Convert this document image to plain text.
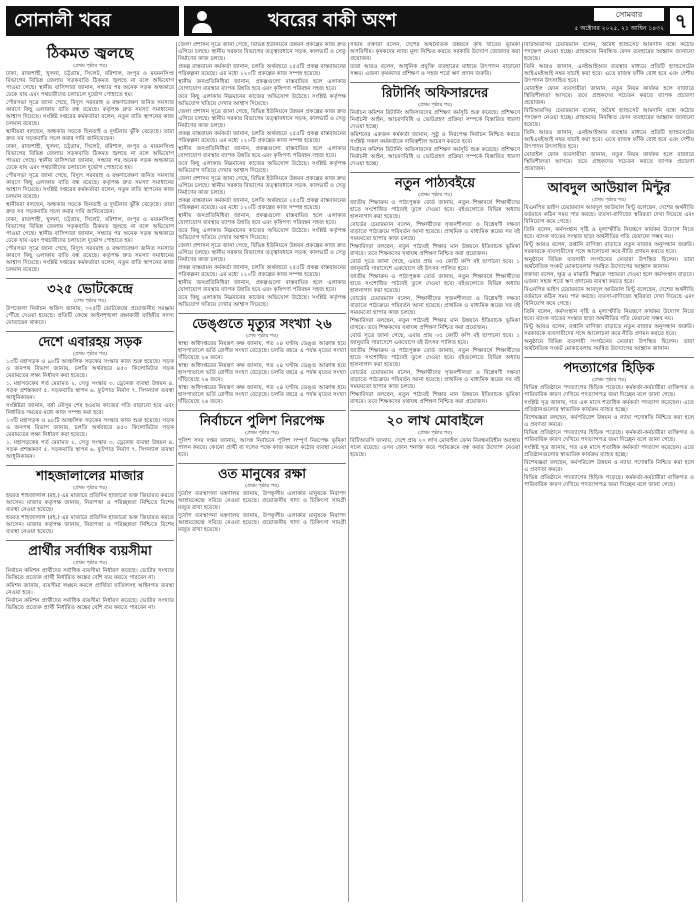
সোনালী খবর	খবরের বাকী অংশ	সোমবার
৫ অক্টোবর ২০২৫, ২১ আশ্বিন ১৪৩২ ৭
ঠিকমত জ্বলছে
(প্রথম পৃষ্ঠার পর)

ঢাকা, রাজশাহী, খুলনা, চট্টগ্রাম, সিলেট, বরিশাল, রংপুর ও ময়মনসিংহ বিভাগের বিভিন্ন জেলায় সড়কবাতি ঠিকমত জ্বলছে না বলে অভিযোগ পাওয়া গেছে। স্থানীয় বাসিন্দারা জানান, সন্ধ্যার পর অনেক সড়ক অন্ধকারে ঢেকে যায় এবং পথচারীদের চলাচলে দুর্ভোগ পোহাতে হয়।

পৌরসভা সূত্রে জানা গেছে, বিদ্যুৎ সরবরাহ ও রক্ষণাবেক্ষণ জনিত সমস্যার কারণে কিছু এলাকায় বাতি বন্ধ রয়েছে। কর্তৃপক্ষ দ্রুত সমস্যা সমাধানের আশ্বাস দিয়েছে। সংশ্লিষ্ট দপ্তরের কর্মকর্তারা বলেন, নতুন বাতি স্থাপনের কাজ চলমান রয়েছে।

স্থানীয়রা বলছেন, অন্ধকার সড়কে ছিনতাই ও দুর্ঘটনার ঝুঁকি বেড়েছে। তারা দ্রুত সব সড়কবাতি সচল করার দাবি জানিয়েছেন।

ঢাকা, রাজশাহী, খুলনা, চট্টগ্রাম, সিলেট, বরিশাল, রংপুর ও ময়মনসিংহ বিভাগের বিভিন্ন জেলায় সড়কবাতি ঠিকমত জ্বলছে না বলে অভিযোগ পাওয়া গেছে। স্থানীয় বাসিন্দারা জানান, সন্ধ্যার পর অনেক সড়ক অন্ধকারে ঢেকে যায় এবং পথচারীদের চলাচলে দুর্ভোগ পোহাতে হয়।

পৌরসভা সূত্রে জানা গেছে, বিদ্যুৎ সরবরাহ ও রক্ষণাবেক্ষণ জনিত সমস্যার কারণে কিছু এলাকায় বাতি বন্ধ রয়েছে। কর্তৃপক্ষ দ্রুত সমস্যা সমাধানের আশ্বাস দিয়েছে। সংশ্লিষ্ট দপ্তরের কর্মকর্তারা বলেন, নতুন বাতি স্থাপনের কাজ চলমান রয়েছে।

স্থানীয়রা বলছেন, অন্ধকার সড়কে ছিনতাই ও দুর্ঘটনার ঝুঁকি বেড়েছে। তারা দ্রুত সব সড়কবাতি সচল করার দাবি জানিয়েছেন।

ঢাকা, রাজশাহী, খুলনা, চট্টগ্রাম, সিলেট, বরিশাল, রংপুর ও ময়মনসিংহ বিভাগের বিভিন্ন জেলায় সড়কবাতি ঠিকমত জ্বলছে না বলে অভিযোগ পাওয়া গেছে। স্থানীয় বাসিন্দারা জানান, সন্ধ্যার পর অনেক সড়ক অন্ধকারে ঢেকে যায় এবং পথচারীদের চলাচলে দুর্ভোগ পোহাতে হয়।

পৌরসভা সূত্রে জানা গেছে, বিদ্যুৎ সরবরাহ ও রক্ষণাবেক্ষণ জনিত সমস্যার কারণে কিছু এলাকায় বাতি বন্ধ রয়েছে। কর্তৃপক্ষ দ্রুত সমস্যা সমাধানের আশ্বাস দিয়েছে। সংশ্লিষ্ট দপ্তরের কর্মকর্তারা বলেন, নতুন বাতি স্থাপনের কাজ চলমান রয়েছে।

৩২৫ ভোটকেন্দ্রে
(শেষ পৃষ্ঠার পর)

উপজেলা নির্বাচন অফিস জানায়, ৩২৫টি ভোটকেন্দ্রে প্রয়োজনীয় সরঞ্জাম পৌঁছে দেওয়া হয়েছে। প্রতিটি কেন্দ্রে আইনশৃঙ্খলা রক্ষাকারী বাহিনীর সদস্য মোতায়েন থাকবে।

দেশে এবারহয় সড়ক
(প্রথম পৃষ্ঠার পর)

১৩টি মহাসড়ক ও ৯৮টি আঞ্চলিক সড়কের সংস্কার কাজ শুরু হয়েছে। সড়ক ও জনপথ বিভাগ জানায়, চলতি অর্থবছরে ৪৫০ কিলোমিটার সড়ক মেরামতের লক্ষ্য নির্ধারণ করা হয়েছে।

১. মহাসড়কের গর্ত মেরামত ২. সেতু সংস্কার ৩. ড্রেনেজ ব্যবস্থা উন্নয়ন ৪. সড়ক প্রশস্তকরণ ৫. সড়কবাতি স্থাপন ৬. ফুটপাত নির্মাণ ৭. সিগন্যাল ব্যবস্থা আধুনিকায়ন।

সংশ্লিষ্টরা জানান, বর্ষা মৌসুম শেষ হওয়ায় কাজের গতি বাড়ানো হবে এবং নির্ধারিত সময়ের মধ্যে কাজ সম্পন্ন করা হবে।

১৩টি মহাসড়ক ও ৯৮টি আঞ্চলিক সড়কের সংস্কার কাজ শুরু হয়েছে। সড়ক ও জনপথ বিভাগ জানায়, চলতি অর্থবছরে ৪৫০ কিলোমিটার সড়ক মেরামতের লক্ষ্য নির্ধারণ করা হয়েছে।

১. মহাসড়কের গর্ত মেরামত ২. সেতু সংস্কার ৩. ড্রেনেজ ব্যবস্থা উন্নয়ন ৪. সড়ক প্রশস্তকরণ ৫. সড়কবাতি স্থাপন ৬. ফুটপাত নির্মাণ ৭. সিগন্যাল ব্যবস্থা আধুনিকায়ন।

শাহজালালের মাজার
(প্রথম পৃষ্ঠার পর)

হযরত শাহজালাল (রহ.) এর মাজারে প্রতিদিন হাজারো ভক্ত জিয়ারত করতে আসেন। মাজার কর্তৃপক্ষ জানায়, নিরাপত্তা ও পরিচ্ছন্নতা নিশ্চিতে বিশেষ ব্যবস্থা নেওয়া হয়েছে।

হযরত শাহজালাল (রহ.) এর মাজারে প্রতিদিন হাজারো ভক্ত জিয়ারত করতে আসেন। মাজার কর্তৃপক্ষ জানায়, নিরাপত্তা ও পরিচ্ছন্নতা নিশ্চিতে বিশেষ ব্যবস্থা নেওয়া হয়েছে।

প্রার্থীর সর্বাধিক ব্যয়সীমা
(প্রথম পৃষ্ঠার পর)

নির্বাচন কমিশন প্রার্থীদের সর্বাধিক ব্যয়সীমা নির্ধারণ করেছে। ভোটার সংখ্যার ভিত্তিতে প্রত্যেক প্রার্থী নির্ধারিত অঙ্কের বেশি ব্যয় করতে পারবেন না।

কমিশন জানায়, ব্যয়সীমা লঙ্ঘন করলে প্রার্থিতা বাতিলসহ আইনগত ব্যবস্থা নেওয়া হবে।

নির্বাচন কমিশন প্রার্থীদের সর্বাধিক ব্যয়সীমা নির্ধারণ করেছে। ভোটার সংখ্যার ভিত্তিতে প্রত্যেক প্রার্থী নির্ধারিত অঙ্কের বেশি ব্যয় করতে পারবেন না।

জেলা প্রশাসন সূত্রে জানা গেছে, বিভিন্ন ইউনিয়নে উন্নয়ন প্রকল্পের কাজ দ্রুত এগিয়ে চলছে। স্থানীয় সরকার বিভাগের তত্ত্বাবধানে সড়ক, কালভার্ট ও সেতু নির্মাণের কাজ চলছে।

প্রকল্প বাস্তবায়ন কর্মকর্তা জানান, চলতি অর্থবছরে ২৫৫টি প্রকল্প বাস্তবায়নের পরিকল্পনা রয়েছে। এর মধ্যে ১২০টি প্রকল্পের কাজ সম্পন্ন হয়েছে।

স্থানীয় জনপ্রতিনিধিরা জানান, প্রকল্পগুলো বাস্তবায়িত হলে এলাকার যোগাযোগ ব্যবস্থার ব্যাপক উন্নতি হবে এবং কৃষিপণ্য পরিবহন সহজ হবে।

তবে কিছু এলাকায় নিম্নমানের কাজের অভিযোগ উঠেছে। সংশ্লিষ্ট কর্তৃপক্ষ অভিযোগ খতিয়ে দেখার আশ্বাস দিয়েছে।

জেলা প্রশাসন সূত্রে জানা গেছে, বিভিন্ন ইউনিয়নে উন্নয়ন প্রকল্পের কাজ দ্রুত এগিয়ে চলছে। স্থানীয় সরকার বিভাগের তত্ত্বাবধানে সড়ক, কালভার্ট ও সেতু নির্মাণের কাজ চলছে।

প্রকল্প বাস্তবায়ন কর্মকর্তা জানান, চলতি অর্থবছরে ২৫৫টি প্রকল্প বাস্তবায়নের পরিকল্পনা রয়েছে। এর মধ্যে ১২০টি প্রকল্পের কাজ সম্পন্ন হয়েছে।

স্থানীয় জনপ্রতিনিধিরা জানান, প্রকল্পগুলো বাস্তবায়িত হলে এলাকার যোগাযোগ ব্যবস্থার ব্যাপক উন্নতি হবে এবং কৃষিপণ্য পরিবহন সহজ হবে।

তবে কিছু এলাকায় নিম্নমানের কাজের অভিযোগ উঠেছে। সংশ্লিষ্ট কর্তৃপক্ষ অভিযোগ খতিয়ে দেখার আশ্বাস দিয়েছে।

জেলা প্রশাসন সূত্রে জানা গেছে, বিভিন্ন ইউনিয়নে উন্নয়ন প্রকল্পের কাজ দ্রুত এগিয়ে চলছে। স্থানীয় সরকার বিভাগের তত্ত্বাবধানে সড়ক, কালভার্ট ও সেতু নির্মাণের কাজ চলছে।

প্রকল্প বাস্তবায়ন কর্মকর্তা জানান, চলতি অর্থবছরে ২৫৫টি প্রকল্প বাস্তবায়নের পরিকল্পনা রয়েছে। এর মধ্যে ১২০টি প্রকল্পের কাজ সম্পন্ন হয়েছে।

স্থানীয় জনপ্রতিনিধিরা জানান, প্রকল্পগুলো বাস্তবায়িত হলে এলাকার যোগাযোগ ব্যবস্থার ব্যাপক উন্নতি হবে এবং কৃষিপণ্য পরিবহন সহজ হবে।

তবে কিছু এলাকায় নিম্নমানের কাজের অভিযোগ উঠেছে। সংশ্লিষ্ট কর্তৃপক্ষ অভিযোগ খতিয়ে দেখার আশ্বাস দিয়েছে।

জেলা প্রশাসন সূত্রে জানা গেছে, বিভিন্ন ইউনিয়নে উন্নয়ন প্রকল্পের কাজ দ্রুত এগিয়ে চলছে। স্থানীয় সরকার বিভাগের তত্ত্বাবধানে সড়ক, কালভার্ট ও সেতু নির্মাণের কাজ চলছে।

প্রকল্প বাস্তবায়ন কর্মকর্তা জানান, চলতি অর্থবছরে ২৫৫টি প্রকল্প বাস্তবায়নের পরিকল্পনা রয়েছে। এর মধ্যে ১২০টি প্রকল্পের কাজ সম্পন্ন হয়েছে।

স্থানীয় জনপ্রতিনিধিরা জানান, প্রকল্পগুলো বাস্তবায়িত হলে এলাকার যোগাযোগ ব্যবস্থার ব্যাপক উন্নতি হবে এবং কৃষিপণ্য পরিবহন সহজ হবে।

তবে কিছু এলাকায় নিম্নমানের কাজের অভিযোগ উঠেছে। সংশ্লিষ্ট কর্তৃপক্ষ অভিযোগ খতিয়ে দেখার আশ্বাস দিয়েছে।

ডেঙ্গুতে মৃত্যুর সংখ্যা ২৬
(শেষ পৃষ্ঠার পর)

স্বাস্থ্য অধিদপ্তরের নিয়ন্ত্রণ কক্ষ জানায়, গত ২৪ ঘণ্টায় ডেঙ্গু আক্রান্ত হয়ে হাসপাতালে ভর্তি রোগীর সংখ্যা বেড়েছে। চলতি বছরে এ পর্যন্ত মৃতের সংখ্যা দাঁড়িয়েছে ২৬ জনে।

স্বাস্থ্য অধিদপ্তরের নিয়ন্ত্রণ কক্ষ জানায়, গত ২৪ ঘণ্টায় ডেঙ্গু আক্রান্ত হয়ে হাসপাতালে ভর্তি রোগীর সংখ্যা বেড়েছে। চলতি বছরে এ পর্যন্ত মৃতের সংখ্যা দাঁড়িয়েছে ২৬ জনে।

স্বাস্থ্য অধিদপ্তরের নিয়ন্ত্রণ কক্ষ জানায়, গত ২৪ ঘণ্টায় ডেঙ্গু আক্রান্ত হয়ে হাসপাতালে ভর্তি রোগীর সংখ্যা বেড়েছে। চলতি বছরে এ পর্যন্ত মৃতের সংখ্যা দাঁড়িয়েছে ২৬ জনে।

নির্বাচনে পুলিশ নিরপেক্ষ
(প্রথম পৃষ্ঠার পর)

পুলিশ সদর দপ্তর জানায়, আসন্ন নির্বাচনে পুলিশ সম্পূর্ণ নিরপেক্ষ ভূমিকা পালন করবে। কোনো প্রার্থী বা দলের পক্ষে কাজ করলে কঠোর ব্যবস্থা নেওয়া হবে।

ওত মানুষের রক্ষা
(প্রথম পৃষ্ঠার পর)

দুর্যোগ ব্যবস্থাপনা মন্ত্রণালয় জানায়, উপকূলীয় এলাকার মানুষকে নিরাপদ আশ্রয়কেন্দ্রে সরিয়ে নেওয়া হয়েছে। প্রয়োজনীয় খাদ্য ও চিকিৎসা সামগ্রী মজুত রাখা হয়েছে।

দুর্যোগ ব্যবস্থাপনা মন্ত্রণালয় জানায়, উপকূলীয় এলাকার মানুষকে নিরাপদ আশ্রয়কেন্দ্রে সরিয়ে নেওয়া হয়েছে। প্রয়োজনীয় খাদ্য ও চিকিৎসা সামগ্রী মজুত রাখা হয়েছে।

সভায় বক্তারা বলেন, দেশের অর্থনৈতিক উন্নয়নে কৃষি খাতের ভূমিকা অপরিসীম। কৃষকদের ন্যায্য মূল্য নিশ্চিত করতে সরকারি উদ্যোগ জোরদার করা প্রয়োজন।

তারা আরও বলেন, আধুনিক প্রযুক্তি ব্যবহারের মাধ্যমে উৎপাদন বাড়ানো সম্ভব। এজন্য কৃষকদের প্রশিক্ষণ ও সহজ শর্তে ঋণ প্রদান জরুরি।

রিটার্নিং অফিসারদের
(প্রথম পৃষ্ঠার পর)

নির্বাচন কমিশন রিটার্নিং অফিসারদের প্রশিক্ষণ কর্মসূচি শুরু করেছে। প্রশিক্ষণে নির্বাচনী আইন, আচরণবিধি ও ভোটগ্রহণ প্রক্রিয়া সম্পর্কে বিস্তারিত ধারণা দেওয়া হচ্ছে।

কমিশনের একজন কর্মকর্তা জানান, সুষ্ঠু ও নিরপেক্ষ নির্বাচন নিশ্চিত করতে সংশ্লিষ্ট সকল কর্মকর্তাকে দায়িত্বশীল আচরণ করতে হবে।

নির্বাচন কমিশন রিটার্নিং অফিসারদের প্রশিক্ষণ কর্মসূচি শুরু করেছে। প্রশিক্ষণে নির্বাচনী আইন, আচরণবিধি ও ভোটগ্রহণ প্রক্রিয়া সম্পর্কে বিস্তারিত ধারণা দেওয়া হচ্ছে।

নতুন পাঠ্যবইয়ে
(প্রথম পৃষ্ঠার পর)

জাতীয় শিক্ষাক্রম ও পাঠ্যপুস্তক বোর্ড জানায়, নতুন শিক্ষাবর্ষে শিক্ষার্থীদের হাতে সংশোধিত পাঠ্যবই তুলে দেওয়া হবে। বইগুলোতে বিভিন্ন অধ্যায় হালনাগাদ করা হয়েছে।

বোর্ডের চেয়ারম্যান বলেন, শিক্ষার্থীদের সৃজনশীলতা ও বিশ্লেষণী দক্ষতা বাড়াতে পাঠ্যক্রমে পরিবর্তন আনা হয়েছে। প্রাথমিক ও মাধ্যমিক স্তরের সব বই সময়মতো ছাপার কাজ চলছে।

শিক্ষাবিদরা বলছেন, নতুন পাঠ্যবই শিক্ষার মান উন্নয়নে ইতিবাচক ভূমিকা রাখবে। তবে শিক্ষকদের যথাযথ প্রশিক্ষণ নিশ্চিত করা প্রয়োজন।

বোর্ড সূত্রে জানা গেছে, এবার প্রায় ৩৫ কোটি কপি বই ছাপানো হবে। ১ জানুয়ারি সারাদেশে একযোগে বই উৎসব পালিত হবে।

জাতীয় শিক্ষাক্রম ও পাঠ্যপুস্তক বোর্ড জানায়, নতুন শিক্ষাবর্ষে শিক্ষার্থীদের হাতে সংশোধিত পাঠ্যবই তুলে দেওয়া হবে। বইগুলোতে বিভিন্ন অধ্যায় হালনাগাদ করা হয়েছে।

বোর্ডের চেয়ারম্যান বলেন, শিক্ষার্থীদের সৃজনশীলতা ও বিশ্লেষণী দক্ষতা বাড়াতে পাঠ্যক্রমে পরিবর্তন আনা হয়েছে। প্রাথমিক ও মাধ্যমিক স্তরের সব বই সময়মতো ছাপার কাজ চলছে।

শিক্ষাবিদরা বলছেন, নতুন পাঠ্যবই শিক্ষার মান উন্নয়নে ইতিবাচক ভূমিকা রাখবে। তবে শিক্ষকদের যথাযথ প্রশিক্ষণ নিশ্চিত করা প্রয়োজন।

বোর্ড সূত্রে জানা গেছে, এবার প্রায় ৩৫ কোটি কপি বই ছাপানো হবে। ১ জানুয়ারি সারাদেশে একযোগে বই উৎসব পালিত হবে।

জাতীয় শিক্ষাক্রম ও পাঠ্যপুস্তক বোর্ড জানায়, নতুন শিক্ষাবর্ষে শিক্ষার্থীদের হাতে সংশোধিত পাঠ্যবই তুলে দেওয়া হবে। বইগুলোতে বিভিন্ন অধ্যায় হালনাগাদ করা হয়েছে।

বোর্ডের চেয়ারম্যান বলেন, শিক্ষার্থীদের সৃজনশীলতা ও বিশ্লেষণী দক্ষতা বাড়াতে পাঠ্যক্রমে পরিবর্তন আনা হয়েছে। প্রাথমিক ও মাধ্যমিক স্তরের সব বই সময়মতো ছাপার কাজ চলছে।

শিক্ষাবিদরা বলছেন, নতুন পাঠ্যবই শিক্ষার মান উন্নয়নে ইতিবাচক ভূমিকা রাখবে। তবে শিক্ষকদের যথাযথ প্রশিক্ষণ নিশ্চিত করা প্রয়োজন।

২০ লাখ মোবাইলে
(প্রথম পৃষ্ঠার পর)

বিটিআরসি জানায়, দেশে প্রায় ২০ লাখ মোবাইল ফোন নিবন্ধনবিহীন অবস্থায় সচল রয়েছে। এসব ফোন শনাক্ত করে পর্যায়ক্রমে বন্ধ করার উদ্যোগ নেওয়া হয়েছে।

বিটিআরসির চেয়ারম্যান বলেন, অবৈধ হ্যান্ডসেট আমদানি বন্ধে কঠোর পদক্ষেপ নেওয়া হচ্ছে। গ্রাহকদের নিবন্ধিত ফোন ব্যবহারের আহ্বান জানানো হয়েছে।

তিনি আরও জানান, এনইআইআর ব্যবস্থার মাধ্যমে প্রতিটি হ্যান্ডসেটের আইএমইআই নম্বর যাচাই করা হবে। এতে রাজস্ব ফাঁকি রোধ হবে এবং দেশীয় উৎপাদন উৎসাহিত হবে।

মোবাইল ফোন ব্যবসায়ীরা জানান, নতুন নিয়ম কার্যকর হলে বাজারে স্থিতিশীলতা আসবে। তবে গ্রাহকদের সচেতন করতে ব্যাপক প্রচারণা প্রয়োজন।

বিটিআরসির চেয়ারম্যান বলেন, অবৈধ হ্যান্ডসেট আমদানি বন্ধে কঠোর পদক্ষেপ নেওয়া হচ্ছে। গ্রাহকদের নিবন্ধিত ফোন ব্যবহারের আহ্বান জানানো হয়েছে।

তিনি আরও জানান, এনইআইআর ব্যবস্থার মাধ্যমে প্রতিটি হ্যান্ডসেটের আইএমইআই নম্বর যাচাই করা হবে। এতে রাজস্ব ফাঁকি রোধ হবে এবং দেশীয় উৎপাদন উৎসাহিত হবে।

মোবাইল ফোন ব্যবসায়ীরা জানান, নতুন নিয়ম কার্যকর হলে বাজারে স্থিতিশীলতা আসবে। তবে গ্রাহকদের সচেতন করতে ব্যাপক প্রচারণা প্রয়োজন।

আবদুল আউয়াল মিন্টুর
(প্রথম পৃষ্ঠার পর)

বিএনপির ভাইস চেয়ারম্যান আবদুল আউয়াল মিন্টু বলেছেন, দেশের অর্থনীতি বর্তমানে কঠিন সময় পার করছে। ব্যবসা-বাণিজ্যে স্থবিরতা দেখা দিয়েছে এবং বিনিয়োগ কমে গেছে।

তিনি বলেন, কর্মসংস্থান সৃষ্টি ও মূল্যস্ফীতি নিয়ন্ত্রণে কার্যকর উদ্যোগ নিতে হবে। ব্যাংক খাতের সংস্কার ছাড়া অর্থনীতির গতি ফেরানো সম্ভব নয়।

মিন্টু আরও বলেন, রপ্তানি বাণিজ্য বাড়াতে নতুন বাজার অনুসন্ধান জরুরি। সরকারকে ব্যবসায়ীদের সঙ্গে আলোচনা করে নীতি প্রণয়ন করতে হবে।

অনুষ্ঠানে বিভিন্ন ব্যবসায়ী সংগঠনের নেতারা উপস্থিত ছিলেন। তারা অর্থনৈতিক সংকট মোকাবেলায় সমন্বিত উদ্যোগের আহ্বান জানান।

বক্তারা বলেন, ক্ষুদ্র ও মাঝারি শিল্পকে সহায়তা দেওয়া হলে কর্মসংস্থান বাড়বে। এজন্য সহজ শর্তে ঋণ প্রদানের ব্যবস্থা করতে হবে।

বিএনপির ভাইস চেয়ারম্যান আবদুল আউয়াল মিন্টু বলেছেন, দেশের অর্থনীতি বর্তমানে কঠিন সময় পার করছে। ব্যবসা-বাণিজ্যে স্থবিরতা দেখা দিয়েছে এবং বিনিয়োগ কমে গেছে।

তিনি বলেন, কর্মসংস্থান সৃষ্টি ও মূল্যস্ফীতি নিয়ন্ত্রণে কার্যকর উদ্যোগ নিতে হবে। ব্যাংক খাতের সংস্কার ছাড়া অর্থনীতির গতি ফেরানো সম্ভব নয়।

মিন্টু আরও বলেন, রপ্তানি বাণিজ্য বাড়াতে নতুন বাজার অনুসন্ধান জরুরি। সরকারকে ব্যবসায়ীদের সঙ্গে আলোচনা করে নীতি প্রণয়ন করতে হবে।

অনুষ্ঠানে বিভিন্ন ব্যবসায়ী সংগঠনের নেতারা উপস্থিত ছিলেন। তারা অর্থনৈতিক সংকট মোকাবেলায় সমন্বিত উদ্যোগের আহ্বান জানান।

পদত্যাগের হিড়িক
(প্রথম পৃষ্ঠার পর)

বিভিন্ন প্রতিষ্ঠানে পদত্যাগের হিড়িক পড়েছে। কর্মকর্তা-কর্মচারীরা ব্যক্তিগত ও পারিবারিক কারণ দেখিয়ে পদত্যাগপত্র জমা দিচ্ছেন বলে জানা গেছে।

সংশ্লিষ্ট সূত্র জানায়, গত এক মাসে শতাধিক কর্মকর্তা পদত্যাগ করেছেন। এতে প্রতিষ্ঠানগুলোর স্বাভাবিক কার্যক্রম ব্যাহত হচ্ছে।

বিশেষজ্ঞরা বলছেন, কর্মপরিবেশ উন্নয়ন ও ন্যায্য পদোন্নতি নিশ্চিত করা হলে এ প্রবণতা কমবে।

বিভিন্ন প্রতিষ্ঠানে পদত্যাগের হিড়িক পড়েছে। কর্মকর্তা-কর্মচারীরা ব্যক্তিগত ও পারিবারিক কারণ দেখিয়ে পদত্যাগপত্র জমা দিচ্ছেন বলে জানা গেছে।

সংশ্লিষ্ট সূত্র জানায়, গত এক মাসে শতাধিক কর্মকর্তা পদত্যাগ করেছেন। এতে প্রতিষ্ঠানগুলোর স্বাভাবিক কার্যক্রম ব্যাহত হচ্ছে।

বিশেষজ্ঞরা বলছেন, কর্মপরিবেশ উন্নয়ন ও ন্যায্য পদোন্নতি নিশ্চিত করা হলে এ প্রবণতা কমবে।

বিভিন্ন প্রতিষ্ঠানে পদত্যাগের হিড়িক পড়েছে। কর্মকর্তা-কর্মচারীরা ব্যক্তিগত ও পারিবারিক কারণ দেখিয়ে পদত্যাগপত্র জমা দিচ্ছেন বলে জানা গেছে।
